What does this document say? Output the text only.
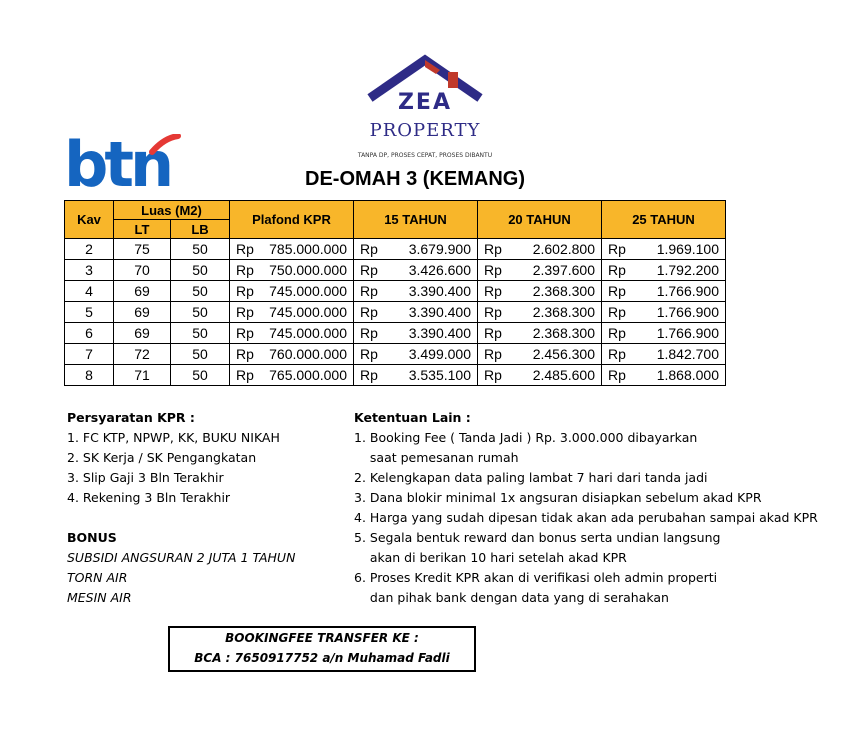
ZEA
PROPERTY
TANPA DP, PROSES CEPAT, PROSES DIBANTU
btn	DE-OMAH 3 (KEMANG)
Kav	Luas (M2)		Plafond KPR	15 TAHUN	20 TAHUN	25 TAHUN
	LT	LB				
2	75	50	Rp 785.000.000	Rp 3.679.900	Rp 2.602.800	Rp 1.969.100

3	70	50	Rp 750.000.000	Rp 3.426.600	Rp 2.397.600	Rp 1.792.200

4	69	50	Rp 745.000.000	Rp 3.390.400	Rp 2.368.300	Rp 1.766.900

5	69	50	Rp 745.000.000	Rp 3.390.400	Rp 2.368.300	Rp 1.766.900

6	69	50	Rp 745.000.000	Rp 3.390.400	Rp 2.368.300	Rp 1.766.900

7	72	50	Rp 760.000.000	Rp 3.499.000	Rp 2.456.300	Rp 1.842.700

8	71	50	Rp 765.000.000	Rp 3.535.100	Rp 2.485.600	Rp 1.868.000
Persyaratan KPR :
1. FC KTP, NPWP, KK, BUKU NIKAH
2. SK Kerja / SK Pengangkatan
3. Slip Gaji 3 Bln Terakhir
4. Rekening 3 Bln Terakhir
BONUS
SUBSIDI ANGSURAN 2 JUTA 1 TAHUN
TORN AIR
MESIN AIR
Ketentuan Lain :
1. Booking Fee ( Tanda Jadi ) Rp. 3.000.000 dibayarkan
saat pemesanan rumah
2. Kelengkapan data paling lambat 7 hari dari tanda jadi
3. Dana blokir minimal 1x angsuran disiapkan sebelum akad KPR
4. Harga yang sudah dipesan tidak akan ada perubahan sampai akad KPR
5. Segala bentuk reward dan bonus serta undian langsung
akan di berikan 10 hari setelah akad KPR
6. Proses Kredit KPR akan di verifikasi oleh admin properti
dan pihak bank dengan data yang di serahakan
BOOKINGFEE TRANSFER KE :
BCA : 7650917752 a/n Muhamad Fadli
